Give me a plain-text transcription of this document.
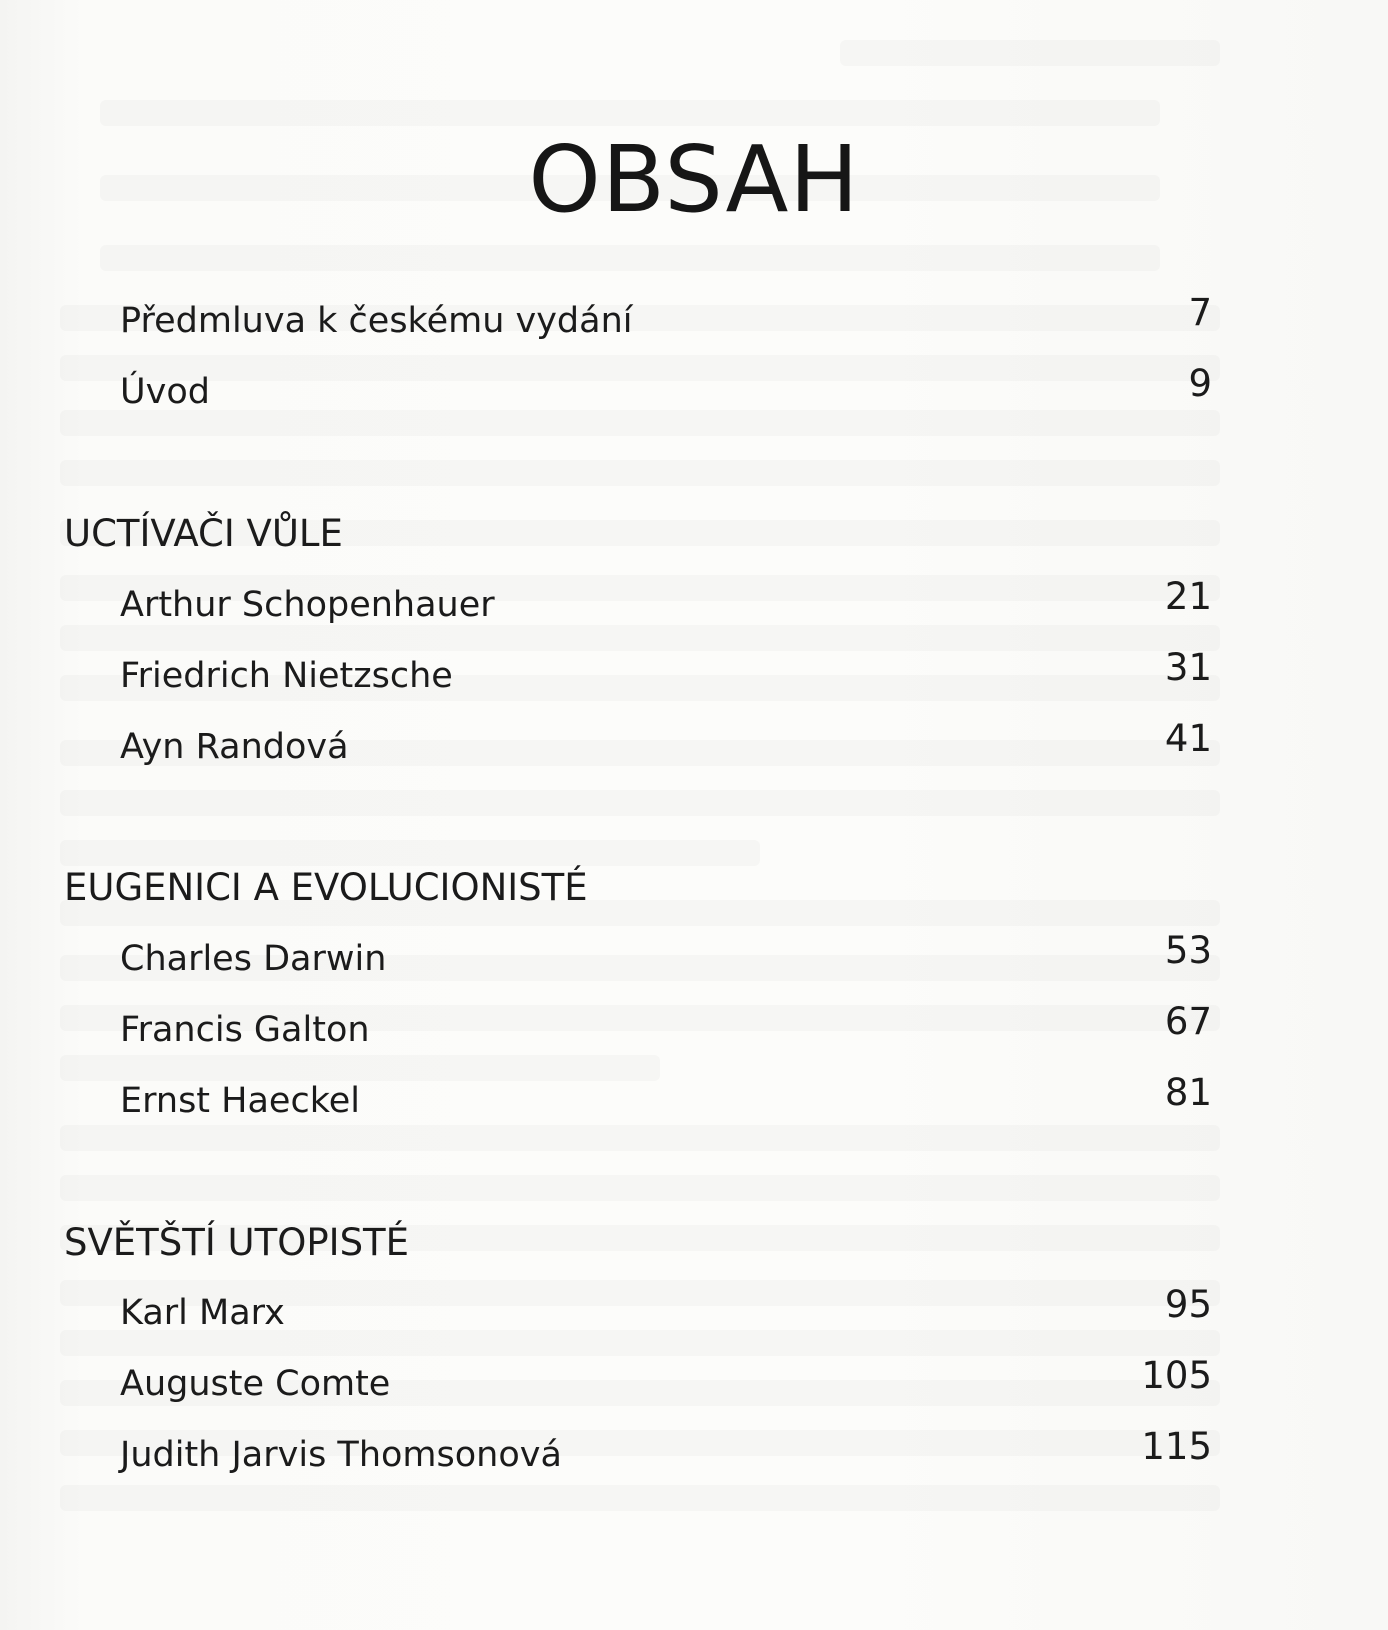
OBSAH
Předmluva k českému vydání	7
Úvod	9
UCTÍVAČI VŮLE
Arthur Schopenhauer	21
Friedrich Nietzsche	31
Ayn Randová	41
EUGENICI A EVOLUCIONISTÉ
Charles Darwin	53
Francis Galton	67
Ernst Haeckel	81
SVĚTŠTÍ UTOPISTÉ
Karl Marx	95
Auguste Comte	105
Judith Jarvis Thomsonová	115
